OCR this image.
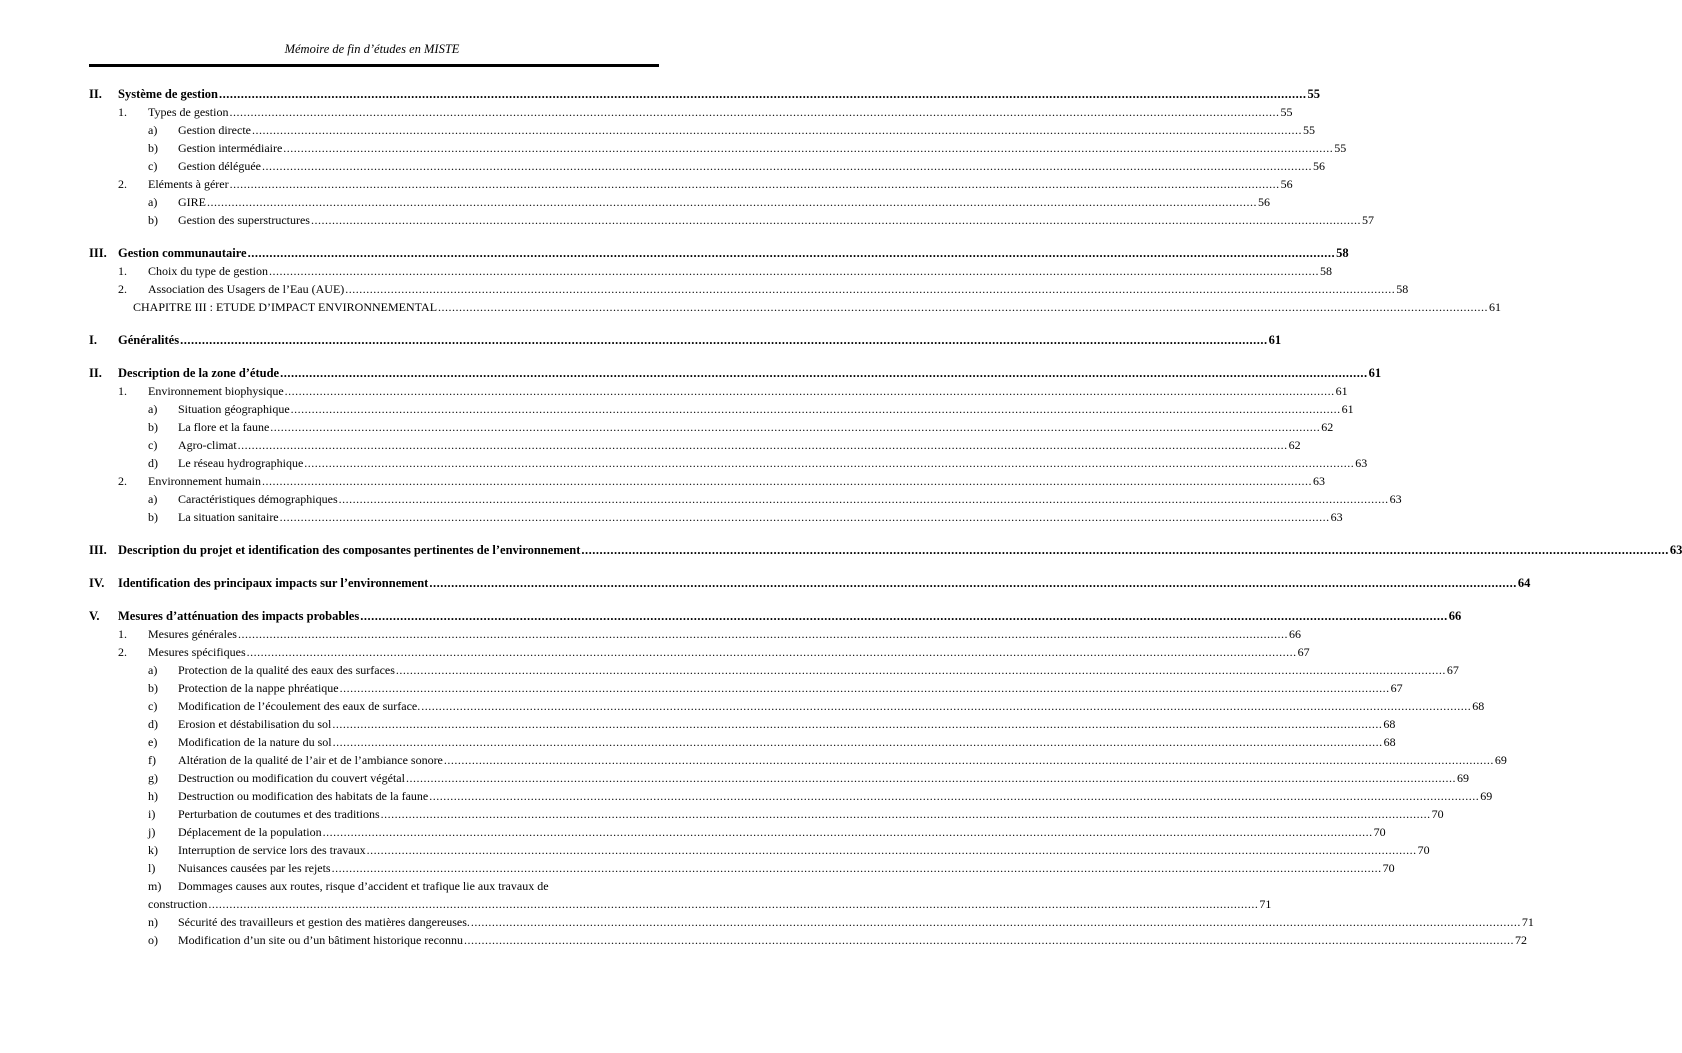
Mémoire de fin d’études en MISTE
II. Système de gestion ............................................................................................................................................................................................................................................................................................................ 55
1. Types de gestion ............................................................................................................................................................................................................................................................................................................ 55
a) Gestion directe ............................................................................................................................................................................................................................................................................................................ 55
b) Gestion intermédiaire ............................................................................................................................................................................................................................................................................................................ 55
c) Gestion déléguée ............................................................................................................................................................................................................................................................................................................ 56
2. Eléments à gérer ............................................................................................................................................................................................................................................................................................................ 56
a) GIRE ............................................................................................................................................................................................................................................................................................................ 56
b) Gestion des superstructures ............................................................................................................................................................................................................................................................................................................ 57
III. Gestion communautaire ............................................................................................................................................................................................................................................................................................................ 58
1. Choix du type de gestion ............................................................................................................................................................................................................................................................................................................ 58
2. Association des Usagers de l’Eau (AUE) ............................................................................................................................................................................................................................................................................................................ 58
CHAPITRE III : ETUDE D’IMPACT ENVIRONNEMENTAL ............................................................................................................................................................................................................................................................................................................ 61
I. Généralités ............................................................................................................................................................................................................................................................................................................ 61
II. Description de la zone d’étude ............................................................................................................................................................................................................................................................................................................ 61
1. Environnement biophysique ............................................................................................................................................................................................................................................................................................................ 61
a) Situation géographique ............................................................................................................................................................................................................................................................................................................ 61
b) La flore et la faune ............................................................................................................................................................................................................................................................................................................ 62
c) Agro-climat ............................................................................................................................................................................................................................................................................................................ 62
d) Le réseau hydrographique ............................................................................................................................................................................................................................................................................................................ 63
2. Environnement humain ............................................................................................................................................................................................................................................................................................................ 63
a) Caractéristiques démographiques ............................................................................................................................................................................................................................................................................................................ 63
b) La situation sanitaire ............................................................................................................................................................................................................................................................................................................ 63
III. Description du projet et identification des composantes pertinentes de l’environnement ............................................................................................................................................................................................................................................................................................................ 63
IV. Identification des principaux impacts sur l’environnement ............................................................................................................................................................................................................................................................................................................ 64
V. Mesures d’atténuation des impacts probables ............................................................................................................................................................................................................................................................................................................ 66
1. Mesures générales ............................................................................................................................................................................................................................................................................................................ 66
2. Mesures spécifiques ............................................................................................................................................................................................................................................................................................................ 67
a) Protection de la qualité des eaux des surfaces ............................................................................................................................................................................................................................................................................................................ 67
b) Protection de la nappe phréatique ............................................................................................................................................................................................................................................................................................................ 67
c) Modification de l’écoulement des eaux de surface. ............................................................................................................................................................................................................................................................................................................ 68
d) Erosion et déstabilisation du sol ............................................................................................................................................................................................................................................................................................................ 68
e) Modification de la nature du sol ............................................................................................................................................................................................................................................................................................................ 68
f) Altération de la qualité de l’air et de l’ambiance sonore ............................................................................................................................................................................................................................................................................................................ 69
g) Destruction ou modification du couvert végétal ............................................................................................................................................................................................................................................................................................................ 69
h) Destruction ou modification des habitats de la faune ............................................................................................................................................................................................................................................................................................................ 69
i) Perturbation de coutumes et des traditions ............................................................................................................................................................................................................................................................................................................ 70
j) Déplacement de la population ............................................................................................................................................................................................................................................................................................................ 70
k) Interruption de service lors des travaux ............................................................................................................................................................................................................................................................................................................ 70
l) Nuisances causées par les rejets ............................................................................................................................................................................................................................................................................................................ 70
m) Dommages causes aux routes, risque d’accident et trafique lie aux travaux de
construction ............................................................................................................................................................................................................................................................................................................ 71
n) Sécurité des travailleurs et gestion des matières dangereuses. ............................................................................................................................................................................................................................................................................................................ 71
o) Modification d’un site ou d’un bâtiment historique reconnu ............................................................................................................................................................................................................................................................................................................ 72
